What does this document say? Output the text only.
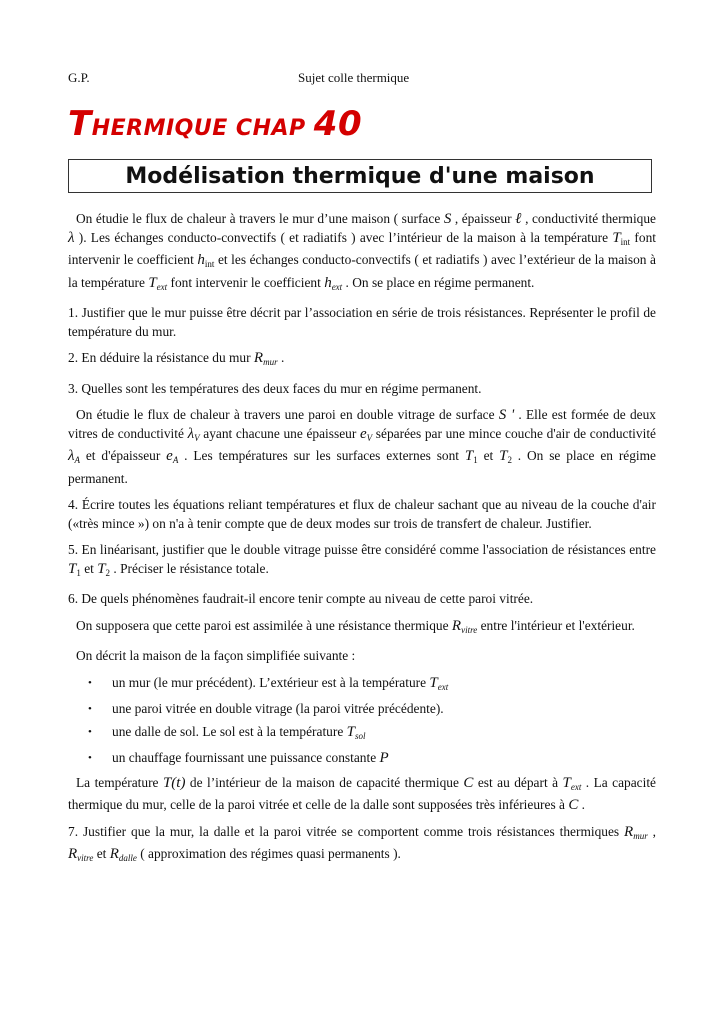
G.P.	Sujet colle thermique
THERMIQUE CHAP 40
Modélisation thermique d'une maison

On étudie le flux de chaleur à travers le mur d’une maison ( surface S , épaisseur ℓ , conductivité thermique λ ). Les échanges conducto-convectifs ( et radiatifs ) avec l’intérieur de la maison à la température $T_{int}$ font intervenir le coefficient $h_{int}$ et les échanges conducto-convectifs ( et radiatifs ) avec l’extérieur de la maison à la température $T_{ext}$ font intervenir le coefficient $h_{ext}$ . On se place en régime permanent.

1. Justifier que le mur puisse être décrit par l’association en série de trois résistances. Représenter le profil de température du mur.

2. En déduire la résistance du mur $R_{mur}$ .

3. Quelles sont les températures des deux faces du mur en régime permanent.

On étudie le flux de chaleur à travers une paroi en double vitrage de surface S ' . Elle est formée de deux vitres de conductivité $\lambda_V$ ayant chacune une épaisseur $e_V$ séparées par une mince couche d'air de conductivité $\lambda_A$ et d'épaisseur $e_A$ . Les températures sur les surfaces externes sont $T_1$ et $T_2$ . On se place en régime permanent.

4. Écrire toutes les équations reliant températures et flux de chaleur sachant que au niveau de la couche d'air («très mince ») on n'a à tenir compte que de deux modes sur trois de transfert de chaleur. Justifier.

5. En linéarisant, justifier que le double vitrage puisse être considéré comme l'association de résistances entre $T_1$ et $T_2$ . Préciser le résistance totale.

6. De quels phénomènes faudrait-il encore tenir compte au niveau de cette paroi vitrée.

On supposera que cette paroi est assimilée à une résistance thermique $R_{vitre}$ entre l'intérieur et l'extérieur.

On décrit la maison de la façon simplifiée suivante :

• un mur (le mur précédent). L’extérieur est à la température $T_{ext}$
• une paroi vitrée en double vitrage (la paroi vitrée précédente).
• une dalle de sol. Le sol est à la température $T_{sol}$
• un chauffage fournissant une puissance constante P

La température T(t) de l’intérieur de la maison de capacité thermique C est au départ à $T_{ext}$ . La capacité thermique du mur, celle de la paroi vitrée et celle de la dalle sont supposées très inférieures à C .

7. Justifier que la mur, la dalle et la paroi vitrée se comportent comme trois résistances thermiques $R_{mur}$ , $R_{vitre}$ et $R_{dalle}$ ( approximation des régimes quasi permanents ).
